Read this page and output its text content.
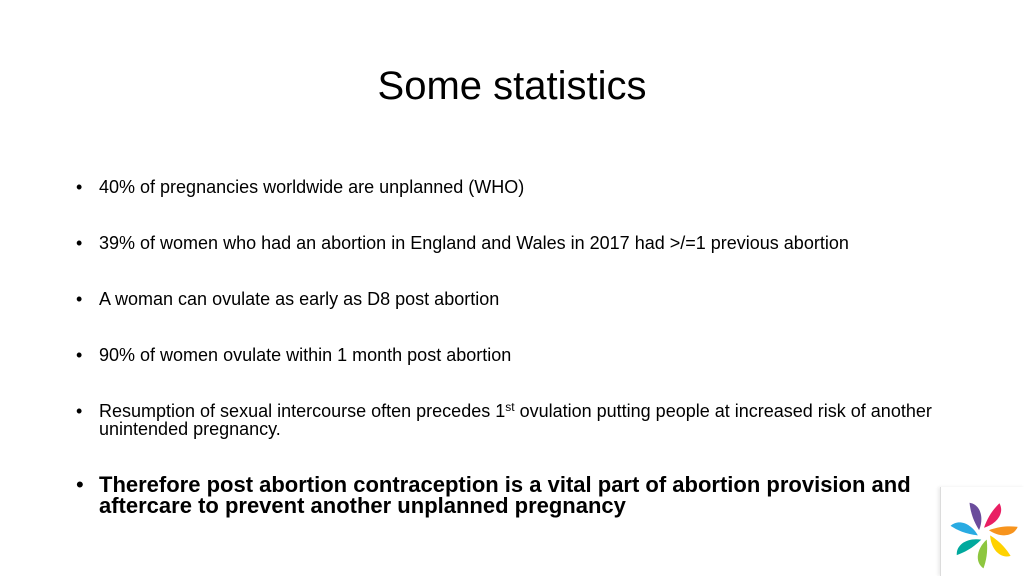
Some statistics
• 40% of pregnancies worldwide are unplanned (WHO)
• 39% of women who had an abortion in England and Wales in 2017 had >/=1 previous abortion
• A woman can ovulate as early as D8 post abortion
• 90% of women ovulate within 1 month post abortion
• Resumption of sexual intercourse often precedes 1st ovulation putting people at increased risk of another unintended pregnancy.
• Therefore post abortion contraception is a vital part of abortion provision and aftercare to prevent another unplanned pregnancy
